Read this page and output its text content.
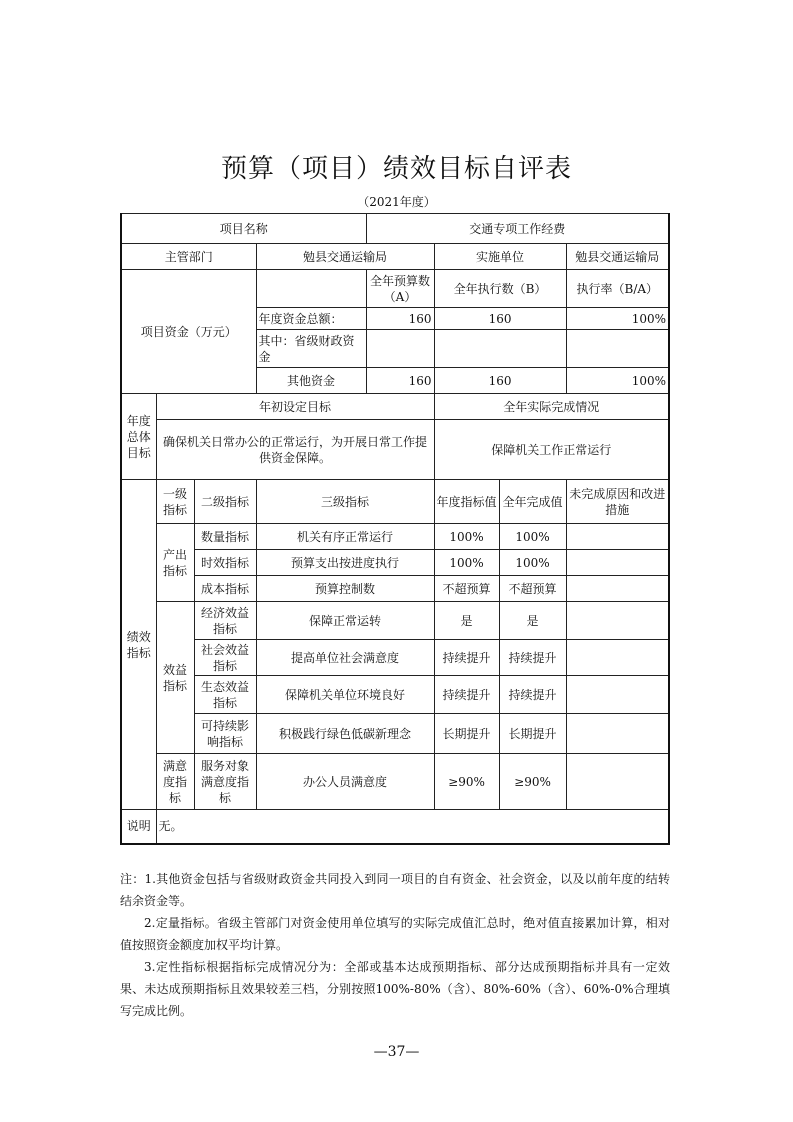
预算（项目）绩效目标自评表
（2021年度）
项目名称				交通专项工作经费			
主管部门			勉县交通运输局		实施单位		勉县交通运输局
项目资金（万元）				全年预算数（A）	全年执行数（B）		执行率（B/A）
			年度资金总额：	160	160		100%
			其中：省级财政资金				
			其他资金	160	160		100%
年度总体目标	年初设定目标				全年实际完成情况		
	确保机关日常办公的正常运行，为开展日常工作提供资金保障。				保障机关工作正常运行		
绩效指标	一级指标	二级指标	三级指标		年度指标值	全年完成值	未完成原因和改进措施
	产出指标	数量指标	机关有序正常运行		100%	100%	
		时效指标	预算支出按进度执行		100%	100%	
		成本指标	预算控制数		不超预算	不超预算	
	效益指标	经济效益指标	保障正常运转		是	是	
		社会效益指标	提高单位社会满意度		持续提升	持续提升	
		生态效益指标	保障机关单位环境良好		持续提升	持续提升	
		可持续影响指标	积极践行绿色低碳新理念		长期提升	长期提升	
	满意度指标	服务对象满意度指标	办公人员满意度		≥90%	≥90%	
说明	无。						

注：1.其他资金包括与省级财政资金共同投入到同一项目的自有资金、社会资金，以及以前年度的结转结余资金等。

2.定量指标。省级主管部门对资金使用单位填写的实际完成值汇总时，绝对值直接累加计算，相对值按照资金额度加权平均计算。

3.定性指标根据指标完成情况分为：全部或基本达成预期指标、部分达成预期指标并具有一定效果、未达成预期指标且效果较差三档，分别按照100%-80%（含）、80%-60%（含）、60%-0%合理填写完成比例。

—37—
